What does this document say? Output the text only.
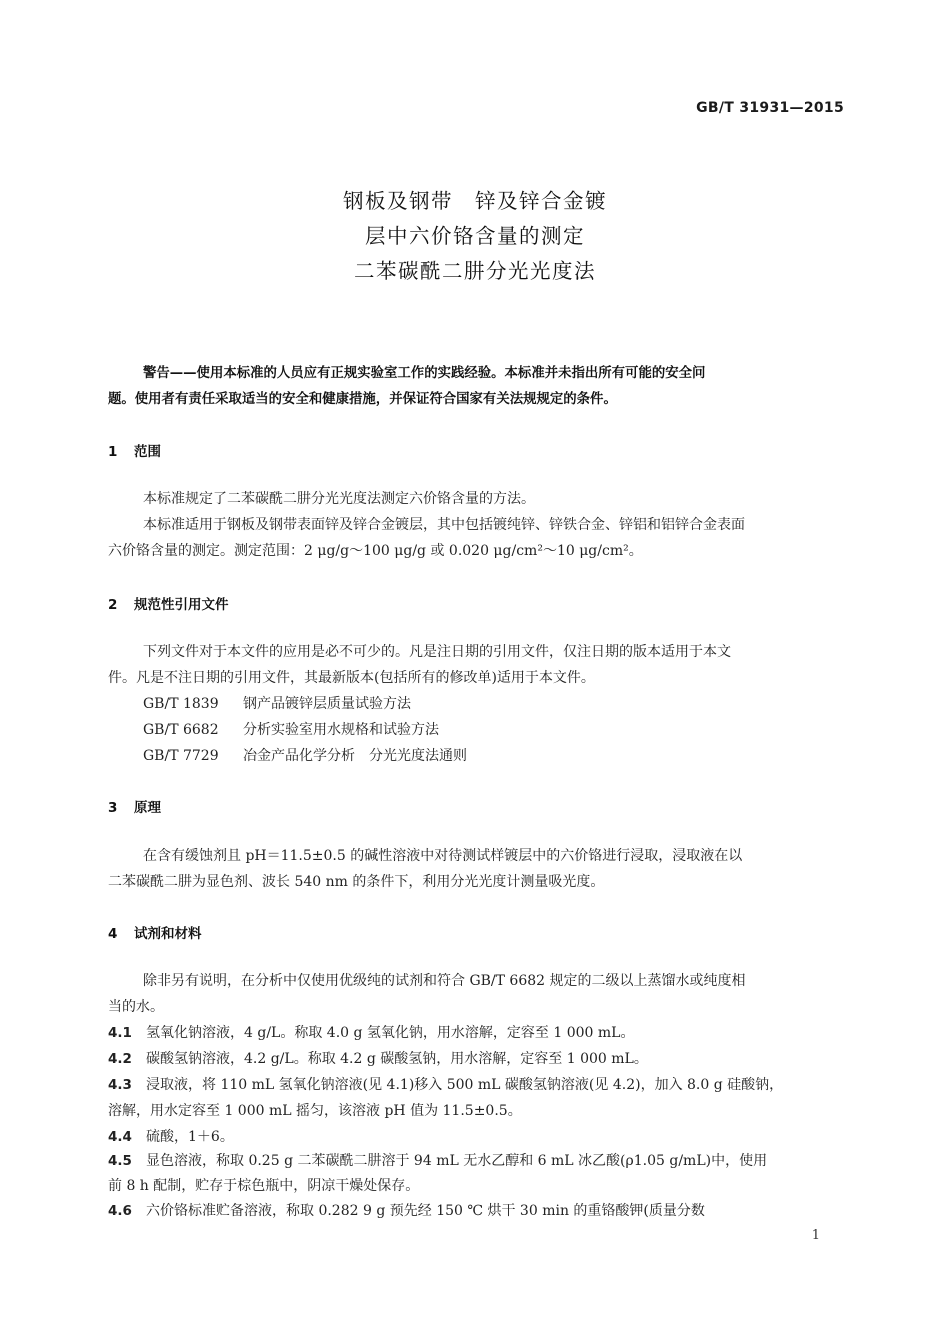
GB/T 31931—2015
钢板及钢带　锌及锌合金镀
层中六价铬含量的测定
二苯碳酰二肼分光光度法
警告——使用本标准的人员应有正规实验室工作的实践经验。本标准并未指出所有可能的安全问
题。使用者有责任采取适当的安全和健康措施，并保证符合国家有关法规规定的条件。
1 范围
本标准规定了二苯碳酰二肼分光光度法测定六价铬含量的方法。
本标准适用于钢板及钢带表面锌及锌合金镀层，其中包括镀纯锌、锌铁合金、锌铝和铝锌合金表面
六价铬含量的测定。测定范围：2 μg/g～100 μg/g 或 0.020 μg/cm²～10 μg/cm²。
2 规范性引用文件
下列文件对于本文件的应用是必不可少的。凡是注日期的引用文件，仅注日期的版本适用于本文
件。凡是不注日期的引用文件，其最新版本(包括所有的修改单)适用于本文件。
GB/T 1839 钢产品镀锌层质量试验方法
GB/T 6682 分析实验室用水规格和试验方法
GB/T 7729 冶金产品化学分析　分光光度法通则
3 原理
在含有缓蚀剂且 pH＝11.5±0.5 的碱性溶液中对待测试样镀层中的六价铬进行浸取，浸取液在以
二苯碳酰二肼为显色剂、波长 540 nm 的条件下，利用分光光度计测量吸光度。
4 试剂和材料
除非另有说明，在分析中仅使用优级纯的试剂和符合 GB/T 6682 规定的二级以上蒸馏水或纯度相
当的水。
4.1 氢氧化钠溶液，4 g/L。称取 4.0 g 氢氧化钠，用水溶解，定容至 1 000 mL。
4.2 碳酸氢钠溶液，4.2 g/L。称取 4.2 g 碳酸氢钠，用水溶解，定容至 1 000 mL。
4.3 浸取液，将 110 mL 氢氧化钠溶液(见 4.1)移入 500 mL 碳酸氢钠溶液(见 4.2)，加入 8.0 g 硅酸钠，
溶解，用水定容至 1 000 mL 摇匀，该溶液 pH 值为 11.5±0.5。
4.4 硫酸，1＋6。
4.5 显色溶液，称取 0.25 g 二苯碳酰二肼溶于 94 mL 无水乙醇和 6 mL 冰乙酸(ρ1.05 g/mL)中，使用
前 8 h 配制，贮存于棕色瓶中，阴凉干燥处保存。
4.6 六价铬标准贮备溶液，称取 0.282 9 g 预先经 150 ℃ 烘干 30 min 的重铬酸钾(质量分数
1
